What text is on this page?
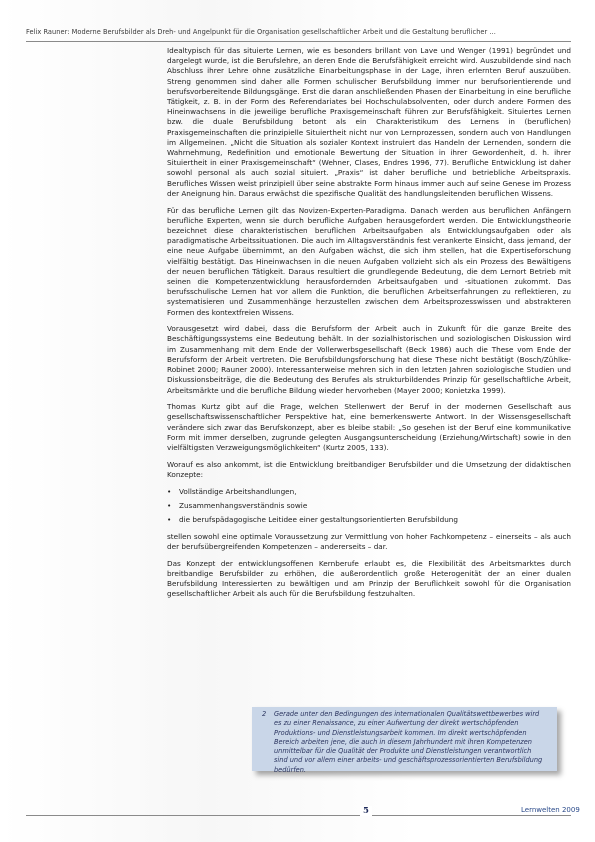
Felix Rauner: Moderne Berufsbilder als Dreh- und Angelpunkt für die Organisation gesellschaftlicher Arbeit und die Gestaltung beruflicher ...

Idealtypisch für das situierte Lernen, wie es besonders brillant von Lave und Wenger (1991) begründet und dargelegt wurde, ist die Berufslehre, an deren Ende die Berufsfähigkeit erreicht wird. Auszubildende sind nach Abschluss ihrer Lehre ohne zusätzliche Einarbeitungsphase in der Lage, ihren erlernten Beruf auszuüben. Streng genommen sind daher alle Formen schulischer Berufsbildung immer nur berufsorientierende und berufsvorbereitende Bildungsgänge. Erst die daran anschließenden Phasen der Einarbeitung in eine berufliche Tätigkeit, z. B. in der Form des Referendariates bei Hochschulabsolventen, oder durch andere Formen des Hineinwachsens in die jeweilige berufliche Praxisgemeinschaft führen zur Berufsfähigkeit. Situiertes Lernen bzw. die duale Berufsbildung betont als ein Charakteristikum des Lernens in (beruflichen) Praxisgemeinschaften die prinzipielle Situiertheit nicht nur von Lernprozessen, sondern auch von Handlungen im Allgemeinen. „Nicht die Situation als sozialer Kontext instruiert das Handeln der Lernenden, sondern die Wahrnehmung, Redefinition und emotionale Bewertung der Situation in ihrer Gewordenheit, d. h. ihrer Situiertheit in einer Praxisgemeinschaft“ (Wehner, Clases, Endres 1996, 77). Berufliche Entwicklung ist daher sowohl personal als auch sozial situiert. „Praxis“ ist daher berufliche und betriebliche Arbeitspraxis. Berufliches Wissen weist prinzipiell über seine abstrakte Form hinaus immer auch auf seine Genese im Prozess der Aneignung hin. Daraus erwächst die spezifische Qualität des handlungsleitenden beruflichen Wissens.

Für das berufliche Lernen gilt das Novizen-Experten-Paradigma. Danach werden aus beruflichen Anfängern berufliche Experten, wenn sie durch berufliche Aufgaben herausgefordert werden. Die Entwicklungstheorie bezeichnet diese charakteristischen beruflichen Arbeitsaufgaben als Entwicklungsaufgaben oder als paradigmatische Arbeitssituationen. Die auch im Alltagsverständnis fest verankerte Einsicht, dass jemand, der eine neue Aufgabe übernimmt, an den Aufgaben wächst, die sich ihm stellen, hat die Expertiseforschung vielfältig bestätigt. Das Hineinwachsen in die neuen Aufgaben vollzieht sich als ein Prozess des Bewältigens der neuen beruflichen Tätigkeit. Daraus resultiert die grundlegende Bedeutung, die dem Lernort Betrieb mit seinen die Kompetenzentwicklung herausfordernden Arbeitsaufgaben und -situationen zukommt. Das berufsschulische Lernen hat vor allem die Funktion, die beruflichen Arbeitserfahrungen zu reflektieren, zu systematisieren und Zusammenhänge herzustellen zwischen dem Arbeitsprozesswissen und abstrakteren Formen des kontextfreien Wissens.

Vorausgesetzt wird dabei, dass die Berufsform der Arbeit auch in Zukunft für die ganze Breite des Beschäftigungssystems eine Bedeutung behält. In der sozialhistorischen und soziologischen Diskussion wird im Zusammenhang mit dem Ende der Vollerwerbsgesellschaft (Beck 1986) auch die These vom Ende der Berufsform der Arbeit vertreten. Die Berufsbildungsforschung hat diese These nicht bestätigt (Bosch/Zühlke-Robinet 2000; Rauner 2000). Interessanterweise mehren sich in den letzten Jahren soziologische Studien und Diskussionsbeiträge, die die Bedeutung des Berufes als strukturbildendes Prinzip für gesellschaftliche Arbeit, Arbeitsmärkte und die berufliche Bildung wieder hervorheben (Mayer 2000; Konietzka 1999).

Thomas Kurtz gibt auf die Frage, welchen Stellenwert der Beruf in der modernen Gesellschaft aus gesellschaftswissenschaftlicher Perspektive hat, eine bemerkenswerte Antwort. In der Wissensgesellschaft verändere sich zwar das Berufskonzept, aber es bleibe stabil: „So gesehen ist der Beruf eine kommunikative Form mit immer derselben, zugrunde gelegten Ausgangsunterscheidung (Erziehung/Wirtschaft) sowie in den vielfältigsten Verzweigungsmöglichkeiten“ (Kurtz 2005, 133).

Worauf es also ankommt, ist die Entwicklung breitbandiger Berufsbilder und die Umsetzung der didaktischen Konzepte:

• Vollständige Arbeitshandlungen,
• Zusammenhangsverständnis sowie
• die berufspädagogische Leitidee einer gestaltungsorientierten Berufsbildung

stellen sowohl eine optimale Voraussetzung zur Vermittlung von hoher Fachkompetenz – einerseits – als auch der berufsübergreifenden Kompetenzen – andererseits – dar.

Das Konzept der entwicklungsoffenen Kernberufe erlaubt es, die Flexibilität des Arbeitsmarktes durch breitbandige Berufsbilder zu erhöhen, die außerordentlich große Heterogenität der an einer dualen Berufsbildung Interessierten zu bewältigen und am Prinzip der Beruflichkeit sowohl für die Organisation gesellschaftlicher Arbeit als auch für die Berufsbildung festzuhalten.

2 Gerade unter den Bedingungen des internationalen Qualitätswettbewerbes wird es zu einer Renaissance, zu einer Aufwertung der direkt wertschöpfenden Produktions- und Dienstleistungsarbeit kommen. Im direkt wertschöpfenden Bereich arbeiten jene, die auch in diesem Jahrhundert mit ihren Kompetenzen unmittelbar für die Qualität der Produkte und Dienstleistungen verantwortlich sind und vor allem einer arbeits- und geschäftsprozessorientierten Berufsbildung bedürfen.
5	Lernwelten 2009
